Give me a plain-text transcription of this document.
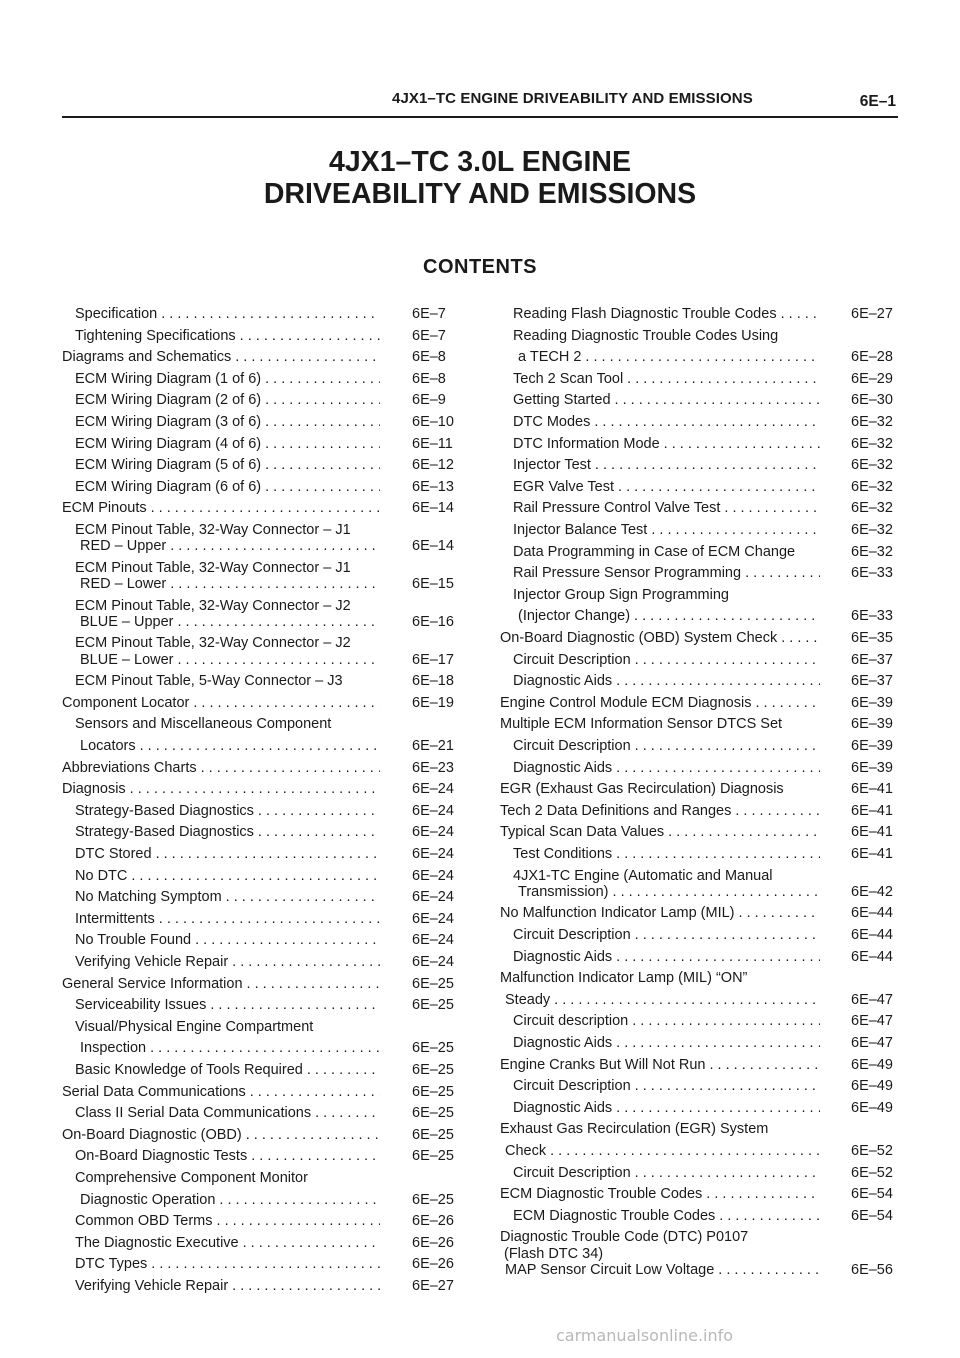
4JX1–TC ENGINE DRIVEABILITY AND EMISSIONS	6E–1
4JX1–TC 3.0L ENGINE
DRIVEABILITY AND EMISSIONS
CONTENTS
Specification . . .	6E–7
Tightening Specifications . . .	6E–7
Diagrams and Schematics . . .	6E–8
ECM Wiring Diagram (1 of 6) . . .	6E–8
ECM Wiring Diagram (2 of 6) . . .	6E–9
ECM Wiring Diagram (3 of 6) . . .	6E–10
ECM Wiring Diagram (4 of 6) . . .	6E–11
ECM Wiring Diagram (5 of 6) . . .	6E–12
ECM Wiring Diagram (6 of 6) . . .	6E–13
ECM Pinouts . . .	6E–14
ECM Pinout Table, 32-Way Connector – J1
RED – Upper . . .	6E–14
ECM Pinout Table, 32-Way Connector – J1
RED – Lower . . .	6E–15
ECM Pinout Table, 32-Way Connector – J2
BLUE – Upper . . .	6E–16
ECM Pinout Table, 32-Way Connector – J2
BLUE – Lower . . .	6E–17
ECM Pinout Table, 5-Way Connector – J3	6E–18
Component Locator . . .	6E–19
Sensors and Miscellaneous Component
Locators . . .	6E–21
Abbreviations Charts . . .	6E–23
Diagnosis . . .	6E–24
Strategy-Based Diagnostics . . .	6E–24
Strategy-Based Diagnostics . . .	6E–24
DTC Stored . . .	6E–24
No DTC . . .	6E–24
No Matching Symptom . . .	6E–24
Intermittents . . .	6E–24
No Trouble Found . . .	6E–24
Verifying Vehicle Repair . . .	6E–24
General Service Information . . .	6E–25
Serviceability Issues . . .	6E–25
Visual/Physical Engine Compartment
Inspection . . .	6E–25
Basic Knowledge of Tools Required . . .	6E–25
Serial Data Communications . . .	6E–25
Class II Serial Data Communications . . .	6E–25
On-Board Diagnostic (OBD) . . .	6E–25
On-Board Diagnostic Tests . . .	6E–25
Comprehensive Component Monitor
Diagnostic Operation . . .	6E–25
Common OBD Terms . . .	6E–26
The Diagnostic Executive . . .	6E–26
DTC Types . . .	6E–26
Verifying Vehicle Repair . . .	6E–27
Reading Flash Diagnostic Trouble Codes . . .	6E–27
Reading Diagnostic Trouble Codes Using
a TECH 2 . . .	6E–28
Tech 2 Scan Tool . . .	6E–29
Getting Started . . .	6E–30
DTC Modes . . .	6E–32
DTC Information Mode . . .	6E–32
Injector Test . . .	6E–32
EGR Valve Test . . .	6E–32
Rail Pressure Control Valve Test . . .	6E–32
Injector Balance Test . . .	6E–32
Data Programming in Case of ECM Change	6E–32
Rail Pressure Sensor Programming . . .	6E–33
Injector Group Sign Programming
(Injector Change) . . .	6E–33
On-Board Diagnostic (OBD) System Check . . .	6E–35
Circuit Description . . .	6E–37
Diagnostic Aids . . .	6E–37
Engine Control Module ECM Diagnosis . . .	6E–39
Multiple ECM Information Sensor DTCS Set	6E–39
Circuit Description . . .	6E–39
Diagnostic Aids . . .	6E–39
EGR (Exhaust Gas Recirculation) Diagnosis	6E–41
Tech 2 Data Definitions and Ranges . . .	6E–41
Typical Scan Data Values . . .	6E–41
Test Conditions . . .	6E–41
4JX1-TC Engine (Automatic and Manual
Transmission) . . .	6E–42
No Malfunction Indicator Lamp (MIL) . . .	6E–44
Circuit Description . . .	6E–44
Diagnostic Aids . . .	6E–44
Malfunction Indicator Lamp (MIL) “ON”
Steady . . .	6E–47
Circuit description . . .	6E–47
Diagnostic Aids . . .	6E–47
Engine Cranks But Will Not Run . . .	6E–49
Circuit Description . . .	6E–49
Diagnostic Aids . . .	6E–49
Exhaust Gas Recirculation (EGR) System
Check . . .	6E–52
Circuit Description . . .	6E–52
ECM Diagnostic Trouble Codes . . .	6E–54
ECM Diagnostic Trouble Codes . . .	6E–54
Diagnostic Trouble Code (DTC) P0107
(Flash DTC 34)
MAP Sensor Circuit Low Voltage . . .	6E–56
carmanualsonline.info
